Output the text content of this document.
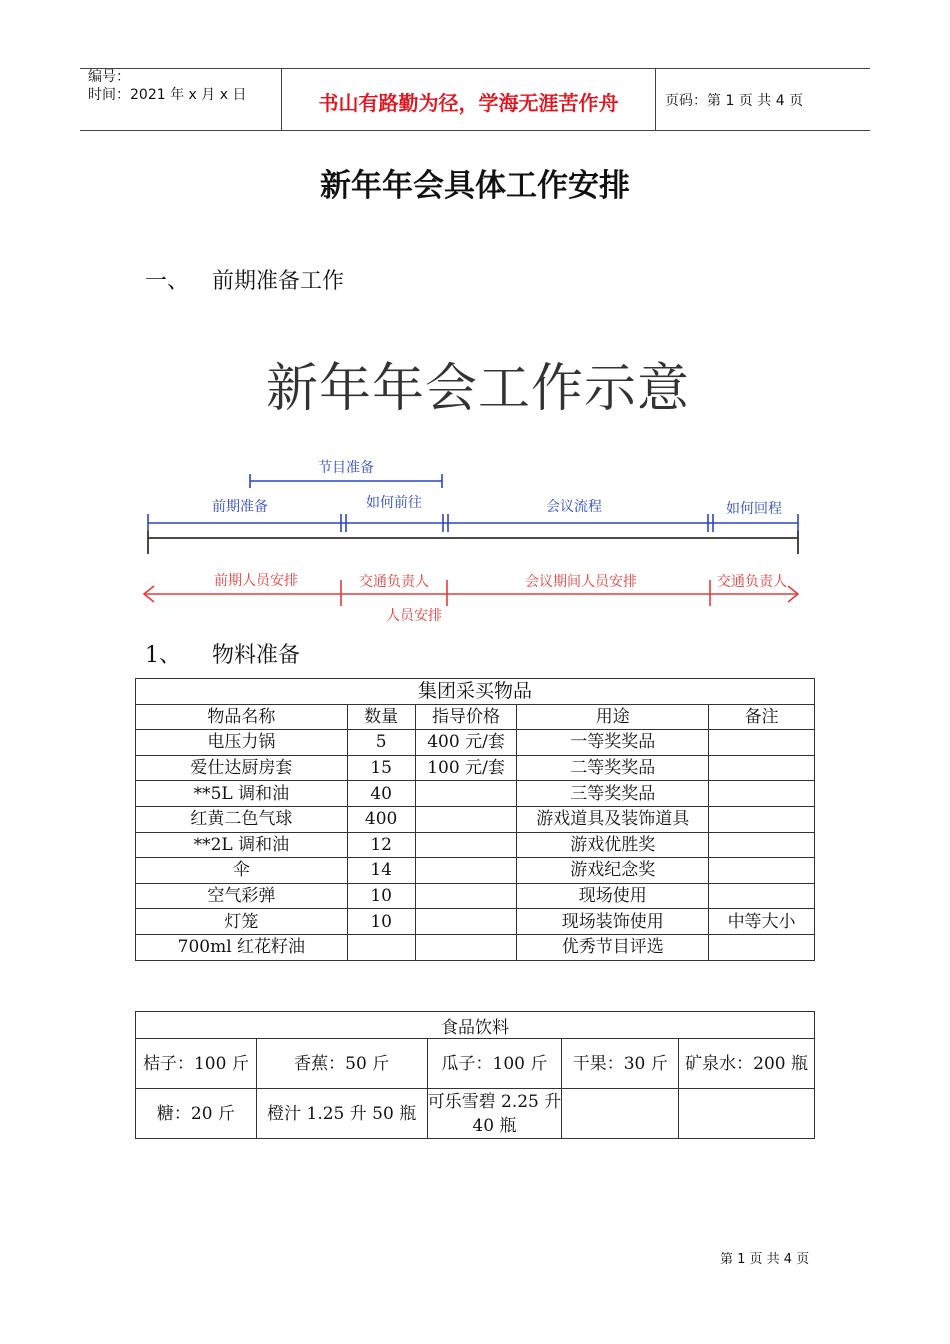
编号：
时间：2021 年 x 月 x 日	书山有路勤为径，学海无涯苦作舟	页码：第 1 页 共 4 页
新年年会具体工作安排
一、 前期准备工作
新年年会工作示意
节目准备
前期准备	如何前往	会议流程	如何回程
前期人员安排	交通负责人	会议期间人员安排	交通负责人
人员安排
1、 物料准备
集团采买物品				
物品名称	数量	指导价格	用途	备注
电压力锅	5	400 元/套	一等奖奖品	
爱仕达厨房套	15	100 元/套	二等奖奖品	
**5L 调和油	40		三等奖奖品	
红黄二色气球	400		游戏道具及装饰道具	
**2L 调和油	12		游戏优胜奖	
伞	14		游戏纪念奖	
空气彩弹	10		现场使用	
灯笼	10		现场装饰使用	中等大小
700ml 红花籽油			优秀节目评选	
食品饮料				
桔子：100 斤	香蕉：50 斤	瓜子：100 斤	干果：30 斤	矿泉水：200 瓶
糖：20 斤	橙汁 1.25 升 50 瓶	可乐雪碧 2.25 升 40 瓶		
第 1 页 共 4 页
